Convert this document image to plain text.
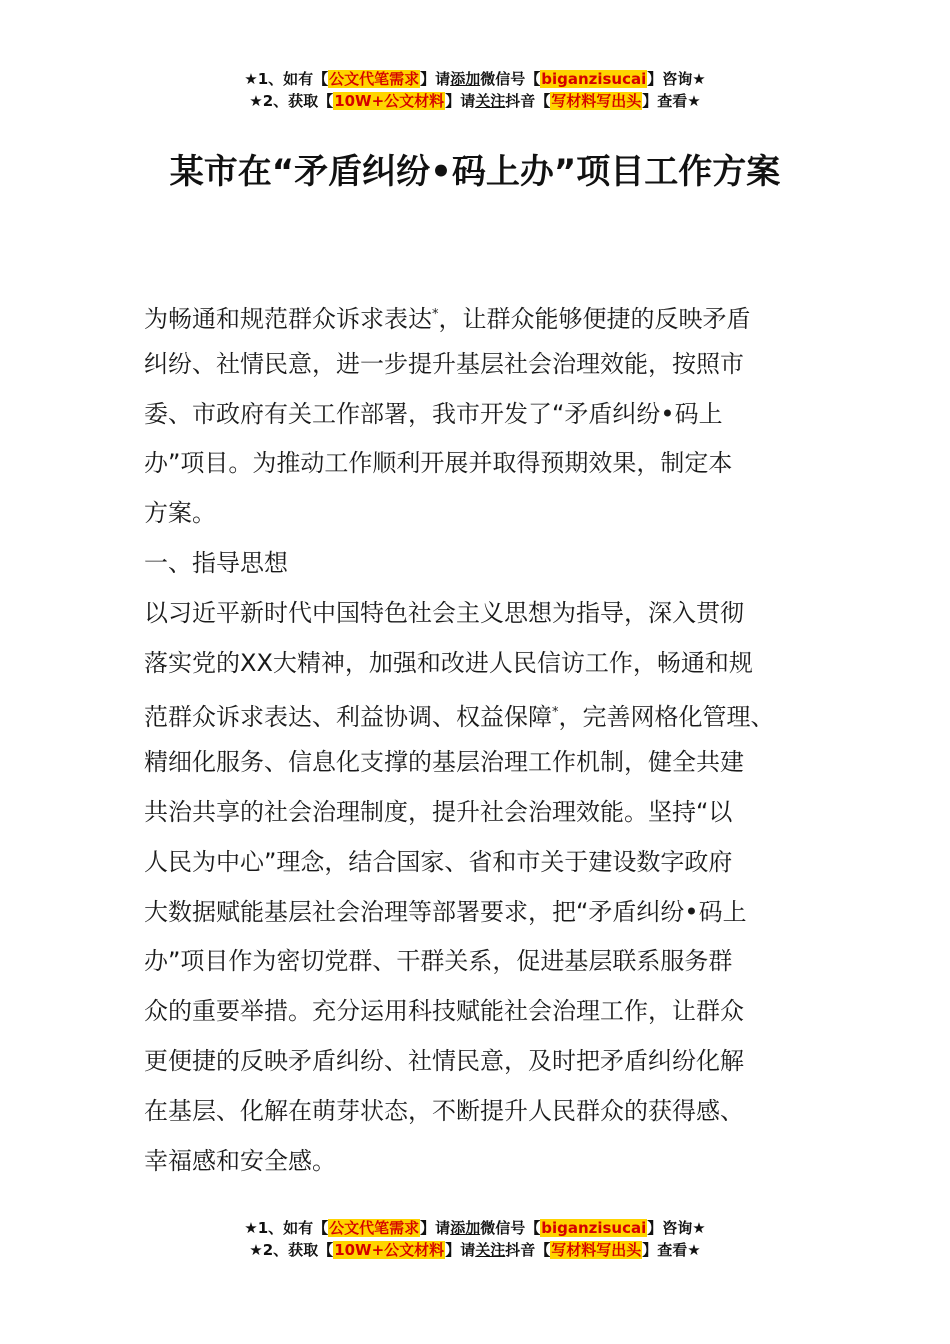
★1、如有【公文代笔需求】请添加微信号【biganzisucai】咨询★
★2、获取【10W+公文材料】请关注抖音【写材料写出头】查看★
某市在“矛盾纠纷•码上办”项目工作方案
为畅通和规范群众诉求表达*，让群众能够便捷的反映矛盾
纠纷、社情民意，进一步提升基层社会治理效能，按照市
委、市政府有关工作部署，我市开发了“矛盾纠纷•码上
办”项目。为推动工作顺利开展并取得预期效果，制定本
方案。
一、指导思想
以习近平新时代中国特色社会主义思想为指导，深入贯彻
落实党的XX大精神，加强和改进人民信访工作，畅通和规
范群众诉求表达、利益协调、权益保障*，完善网格化管理、
精细化服务、信息化支撑的基层治理工作机制，健全共建
共治共享的社会治理制度，提升社会治理效能。坚持“以
人民为中心”理念，结合国家、省和市关于建设数字政府
大数据赋能基层社会治理等部署要求，把“矛盾纠纷•码上
办”项目作为密切党群、干群关系，促进基层联系服务群
众的重要举措。充分运用科技赋能社会治理工作，让群众
更便捷的反映矛盾纠纷、社情民意，及时把矛盾纠纷化解
在基层、化解在萌芽状态，不断提升人民群众的获得感、
幸福感和安全感。
★1、如有【公文代笔需求】请添加微信号【biganzisucai】咨询★
★2、获取【10W+公文材料】请关注抖音【写材料写出头】查看★
